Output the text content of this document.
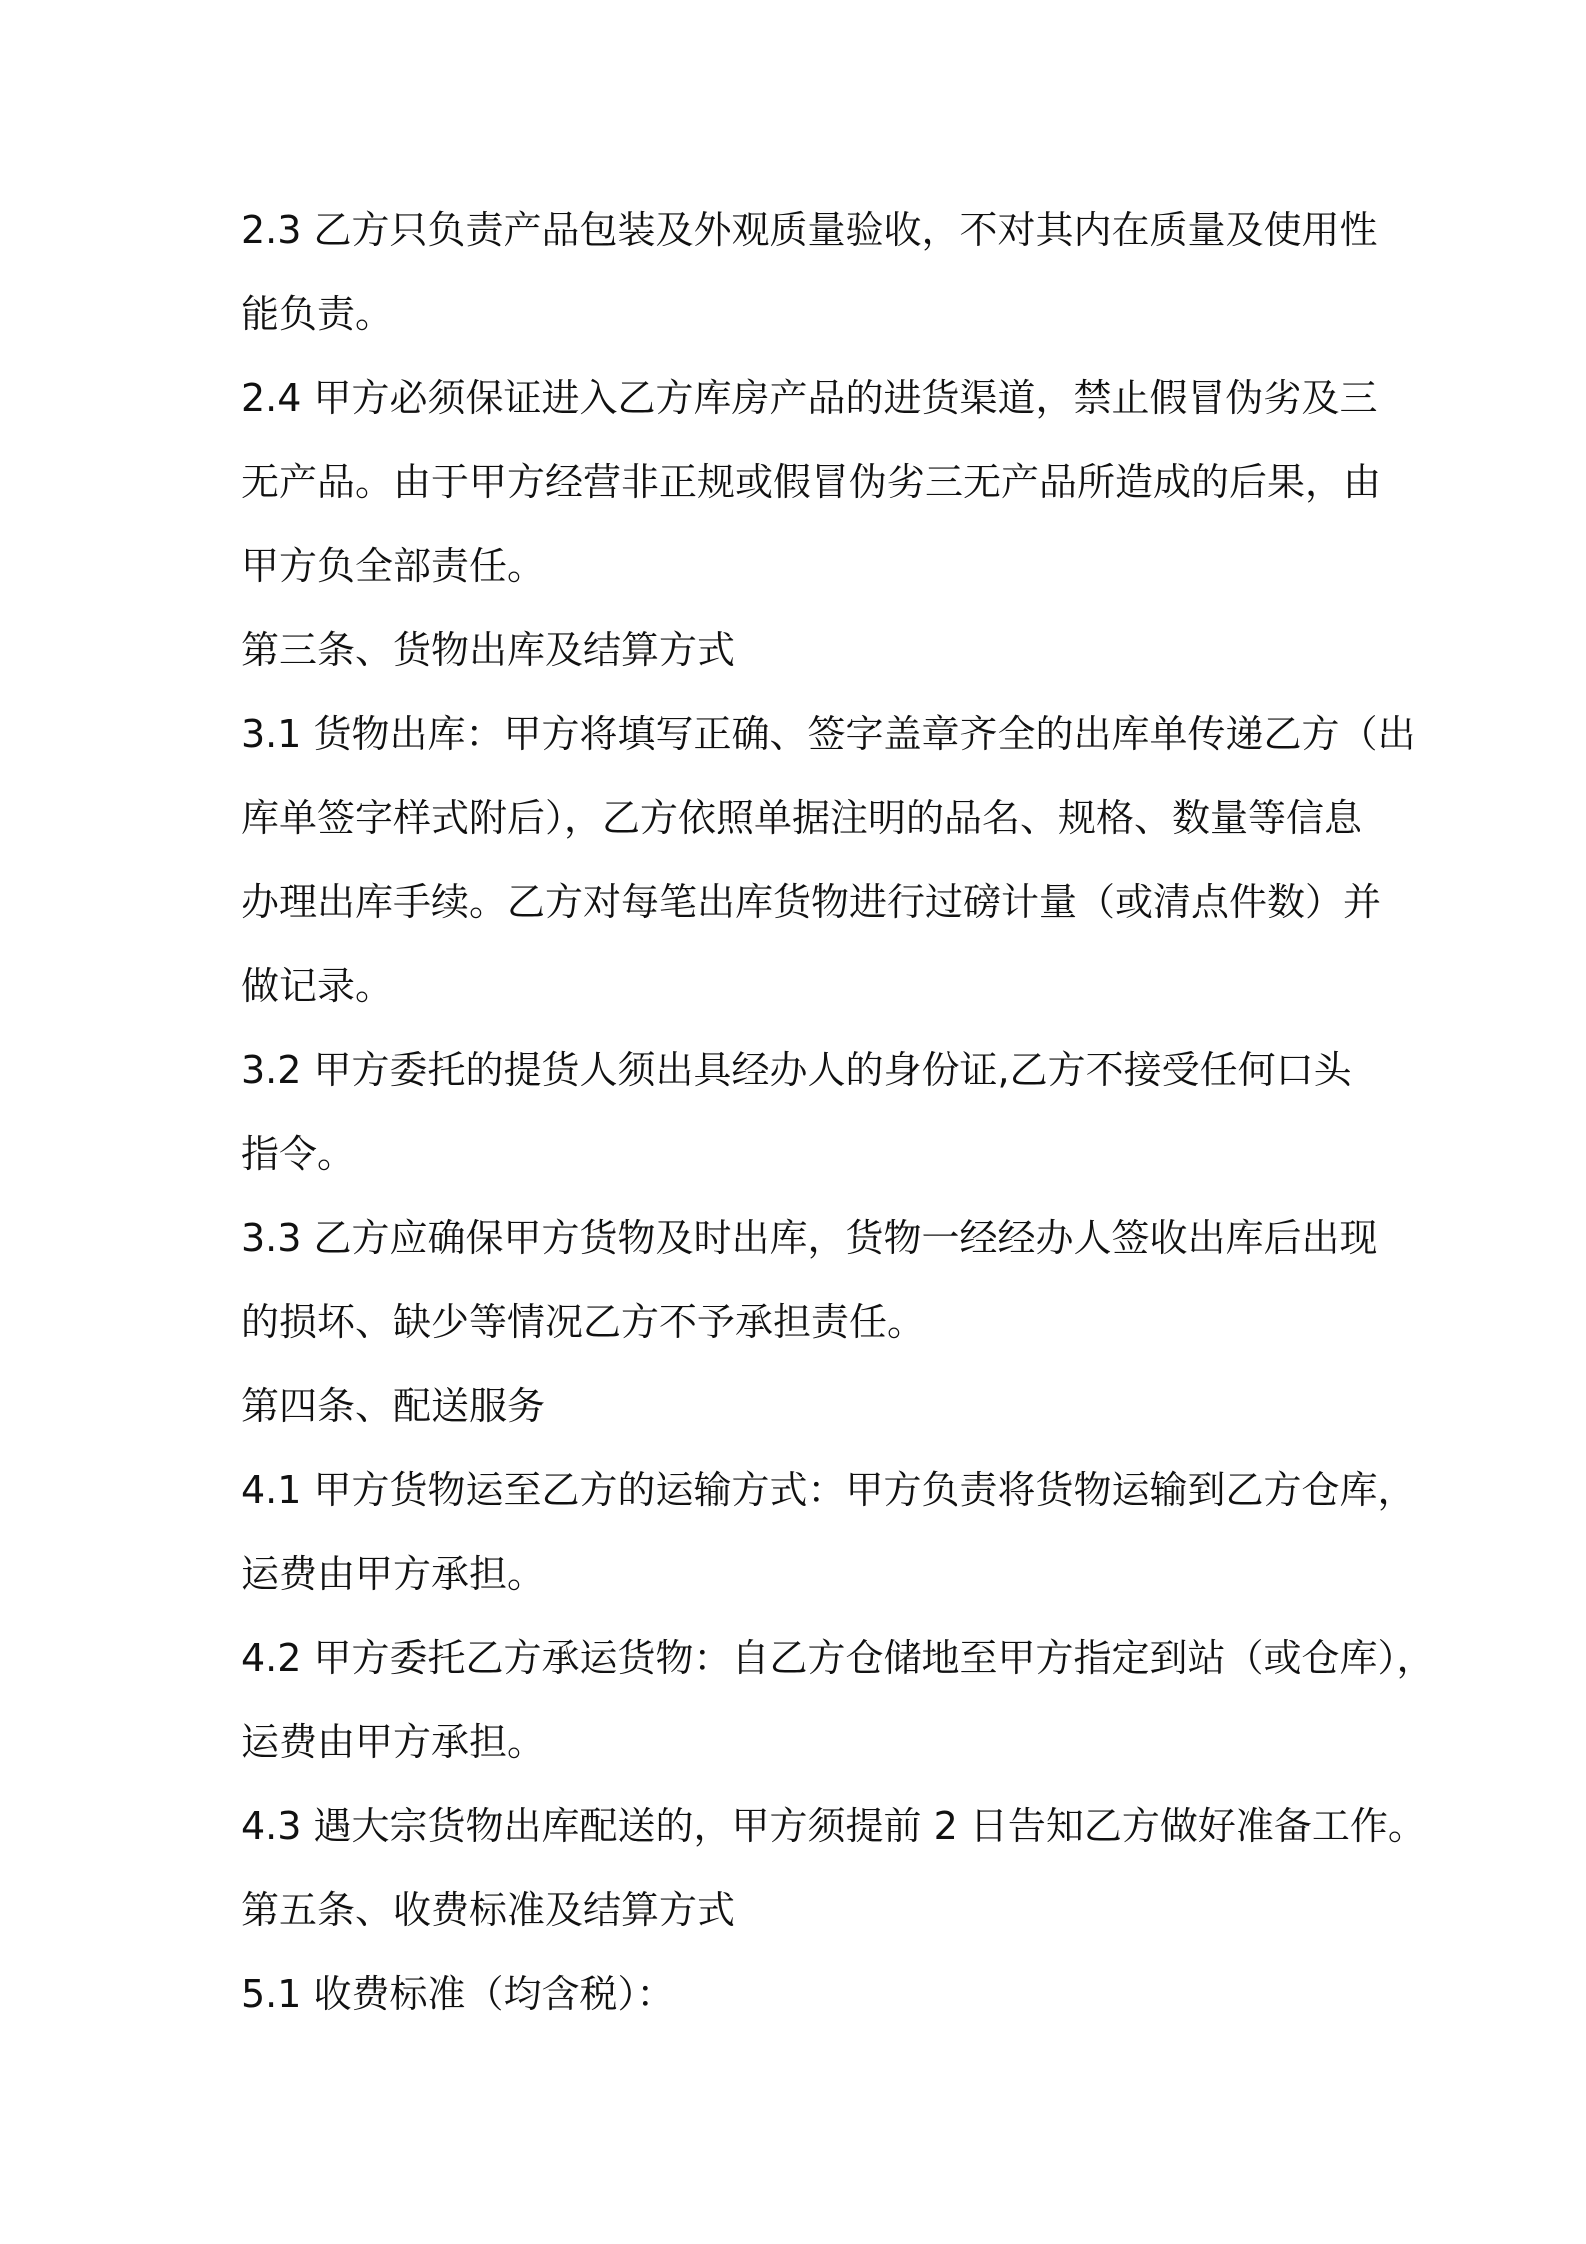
2.3 乙方只负责产品包装及外观质量验收，不对其内在质量及使用性

能负责。

2.4 甲方必须保证进入乙方库房产品的进货渠道，禁止假冒伪劣及三

无产品。由于甲方经营非正规或假冒伪劣三无产品所造成的后果，由

甲方负全部责任。

第三条、货物出库及结算方式

3.1 货物出库：甲方将填写正确、签字盖章齐全的出库单传递乙方（出

库单签字样式附后），乙方依照单据注明的品名、规格、数量等信息

办理出库手续。乙方对每笔出库货物进行过磅计量（或清点件数）并

做记录。

3.2 甲方委托的提货人须出具经办人的身份证,乙方不接受任何口头

指令。

3.3 乙方应确保甲方货物及时出库，货物一经经办人签收出库后出现

的损坏、缺少等情况乙方不予承担责任。

第四条、配送服务

4.1 甲方货物运至乙方的运输方式：甲方负责将货物运输到乙方仓库，

运费由甲方承担。

4.2 甲方委托乙方承运货物：自乙方仓储地至甲方指定到站（或仓库），

运费由甲方承担。

4.3 遇大宗货物出库配送的，甲方须提前 2 日告知乙方做好准备工作。

第五条、收费标准及结算方式

5.1 收费标准（均含税）：
